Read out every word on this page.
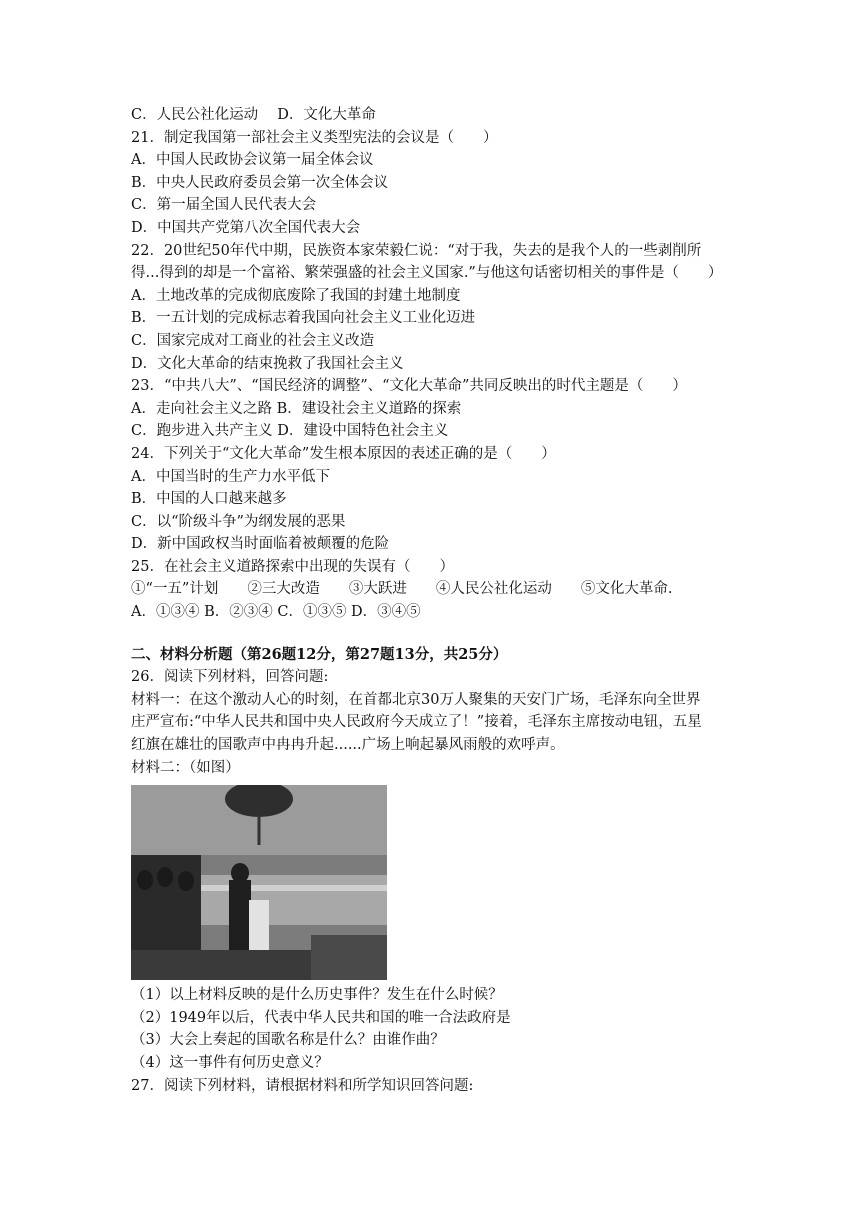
C．人民公社化运动　 D．文化大革命
21．制定我国第一部社会主义类型宪法的会议是（　　）
A．中国人民政协会议第一届全体会议
B．中央人民政府委员会第一次全体会议
C．第一届全国人民代表大会
D．中国共产党第八次全国代表大会
22．20世纪50年代中期，民族资本家荣毅仁说：“对于我，失去的是我个人的一些剥削所
得...得到的却是一个富裕、繁荣强盛的社会主义国家.”与他这句话密切相关的事件是（　　）
A．土地改革的完成彻底废除了我国的封建土地制度
B．一五计划的完成标志着我国向社会主义工业化迈进
C．国家完成对工商业的社会主义改造
D．文化大革命的结束挽救了我国社会主义
23．“中共八大”、“国民经济的调整”、“文化大革命”共同反映出的时代主题是（　　）
A．走向社会主义之路 B．建设社会主义道路的探索
C．跑步进入共产主义 D．建设中国特色社会主义
24．下列关于“文化大革命”发生根本原因的表述正确的是（　　）
A．中国当时的生产力水平低下
B．中国的人口越来越多
C．以“阶级斗争”为纲发展的恶果
D．新中国政权当时面临着被颠覆的危险
25．在社会主义道路探索中出现的失误有（　　）
①“一五”计划　　②三大改造　　③大跃进　　④人民公社化运动　　⑤文化大革命.
A．①③④ B．②③④ C．①③⑤ D．③④⑤
二、材料分析题（第26题12分，第27题13分，共25分）
26．阅读下列材料，回答问题:
材料一：在这个激动人心的时刻，在首都北京30万人聚集的天安门广场，毛泽东向全世界
庄严宣布:“中华人民共和国中央人民政府今天成立了！”接着，毛泽东主席按动电钮，五星
红旗在雄壮的国歌声中冉冉升起......广场上响起暴风雨般的欢呼声。
材料二：（如图）
（1）以上材料反映的是什么历史事件？发生在什么时候？
（2）1949年以后，代表中华人民共和国的唯一合法政府是
（3）大会上奏起的国歌名称是什么？由谁作曲？
（4）这一事件有何历史意义？
27．阅读下列材料，请根据材料和所学知识回答问题:
